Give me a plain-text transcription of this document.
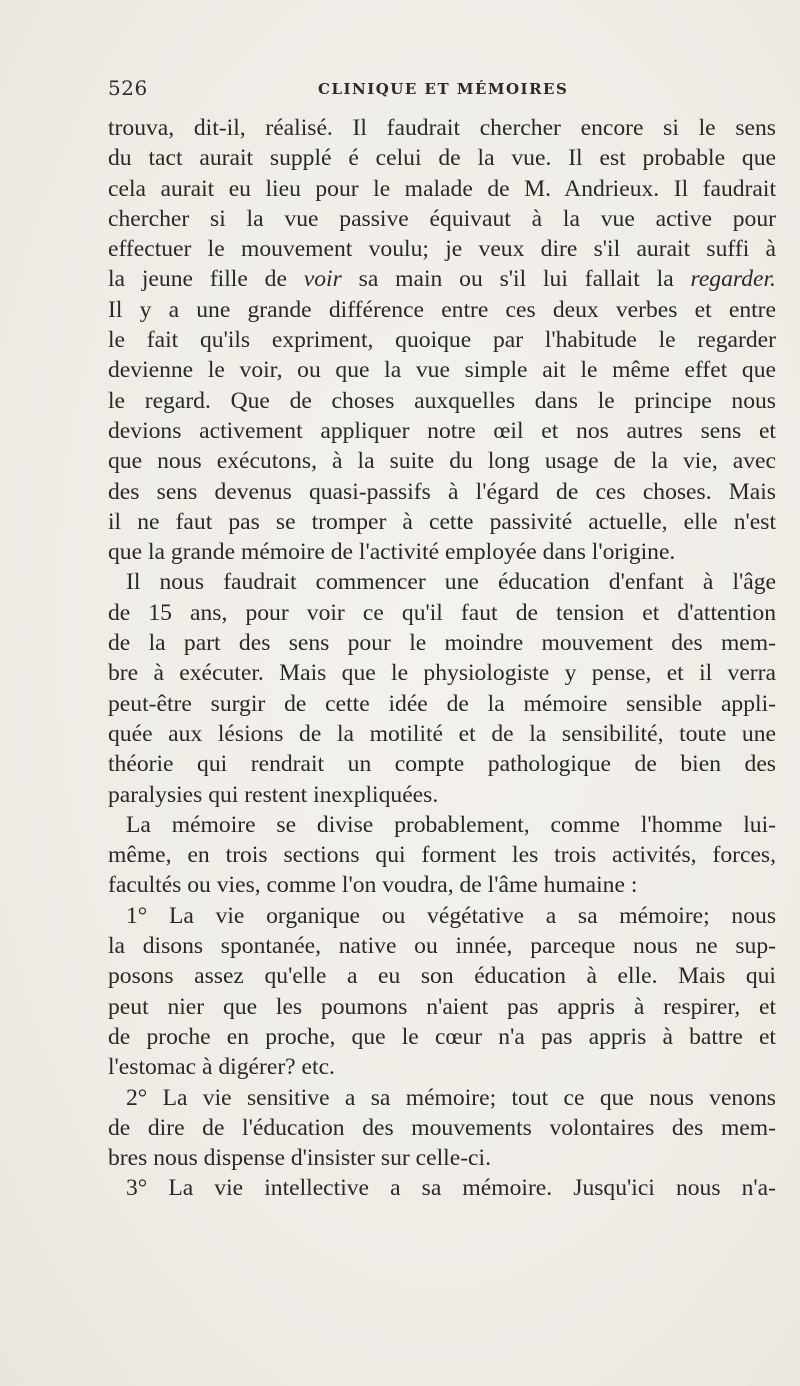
526	CLINIQUE ET MÉMOIRES
trouva, dit-il, réalisé. Il faudrait chercher encore si le sens
du tact aurait supplé é celui de la vue. Il est probable que
cela aurait eu lieu pour le malade de M. Andrieux. Il faudrait
chercher si la vue passive équivaut à la vue active pour
effectuer le mouvement voulu; je veux dire s'il aurait suffi à
la jeune fille de voir sa main ou s'il lui fallait la regarder.
Il y a une grande différence entre ces deux verbes et entre
le fait qu'ils expriment, quoique par l'habitude le regarder
devienne le voir, ou que la vue simple ait le même effet que
le regard. Que de choses auxquelles dans le principe nous
devions activement appliquer notre œil et nos autres sens et
que nous exécutons, à la suite du long usage de la vie, avec
des sens devenus quasi-passifs à l'égard de ces choses. Mais
il ne faut pas se tromper à cette passivité actuelle, elle n'est
que la grande mémoire de l'activité employée dans l'origine.
Il nous faudrait commencer une éducation d'enfant à l'âge
de 15 ans, pour voir ce qu'il faut de tension et d'attention
de la part des sens pour le moindre mouvement des mem-
bre à exécuter. Mais que le physiologiste y pense, et il verra
peut-être surgir de cette idée de la mémoire sensible appli-
quée aux lésions de la motilité et de la sensibilité, toute une
théorie qui rendrait un compte pathologique de bien des
paralysies qui restent inexpliquées.
La mémoire se divise probablement, comme l'homme lui-
même, en trois sections qui forment les trois activités, forces,
facultés ou vies, comme l'on voudra, de l'âme humaine :
1° La vie organique ou végétative a sa mémoire; nous
la disons spontanée, native ou innée, parceque nous ne sup-
posons assez qu'elle a eu son éducation à elle. Mais qui
peut nier que les poumons n'aient pas appris à respirer, et
de proche en proche, que le cœur n'a pas appris à battre et
l'estomac à digérer? etc.
2° La vie sensitive a sa mémoire; tout ce que nous venons
de dire de l'éducation des mouvements volontaires des mem-
bres nous dispense d'insister sur celle-ci.
3° La vie intellective a sa mémoire. Jusqu'ici nous n'a-
